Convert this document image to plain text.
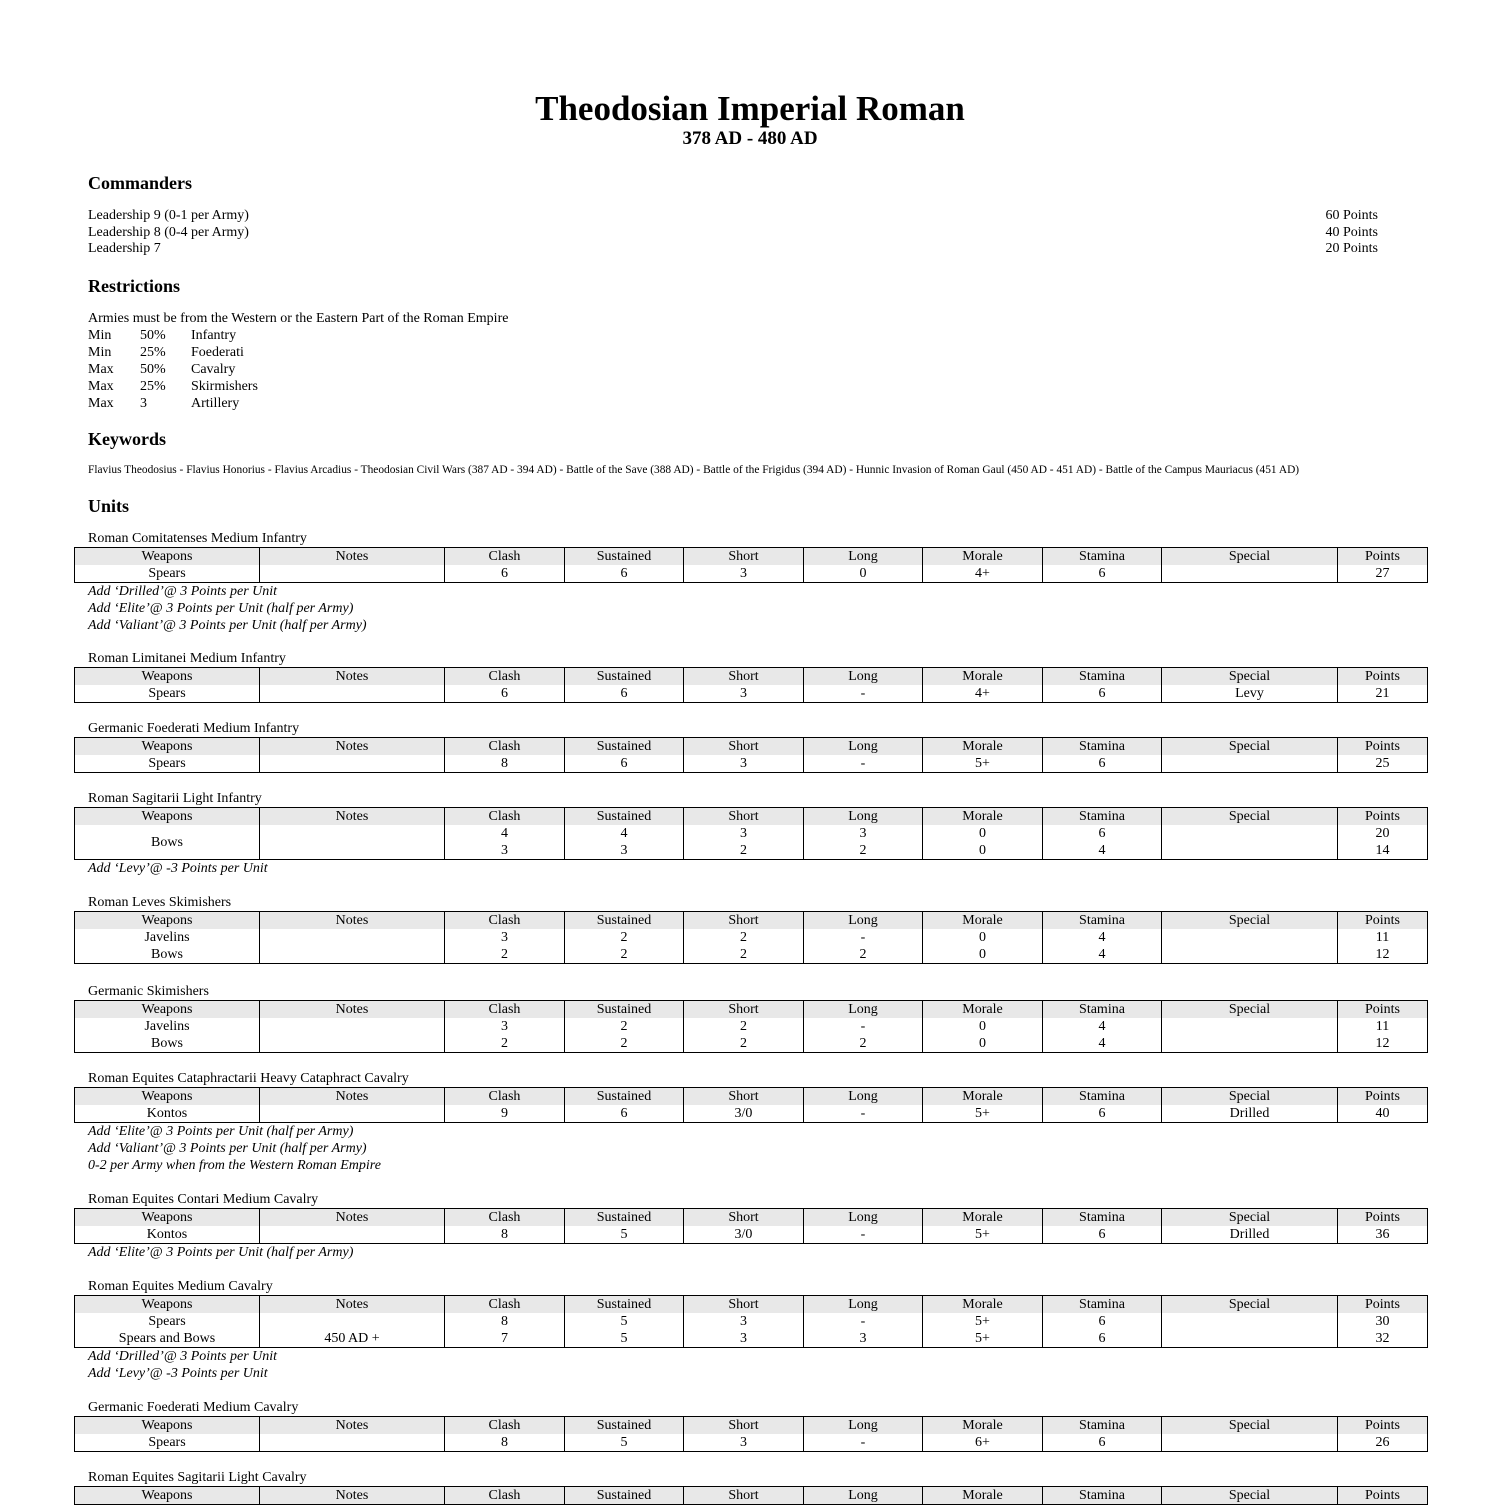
Theodosian Imperial Roman
378 AD - 480 AD
Commanders
Leadership 9 (0-1 per Army)	60 Points
Leadership 8 (0-4 per Army)	40 Points
Leadership 7	20 Points
Restrictions
Armies must be from the Western or the Eastern Part of the Roman Empire
Min 50% Infantry
Min 25% Foederati
Max 50% Cavalry
Max 25% Skirmishers
Max 3	Artillery
Keywords
Flavius Theodosius - Flavius Honorius - Flavius Arcadius - Theodosian Civil Wars (387 AD - 394 AD) - Battle of the Save (388 AD) - Battle of the Frigidus (394 AD) - Hunnic Invasion of Roman Gaul (450 AD - 451 AD) - Battle of the Campus Mauriacus (451 AD)
Units
Roman Comitatenses Medium Infantry
Weapons	Notes	Clash	Sustained	Short	Long	Morale	Stamina	Special	Points
Spears		6	6	3	0	4+	6		27
Add ‘Drilled’@ 3 Points per Unit
Add ‘Elite’@ 3 Points per Unit (half per Army)
Add ‘Valiant’@ 3 Points per Unit (half per Army)
Roman Limitanei Medium Infantry
Weapons	Notes	Clash	Sustained	Short	Long	Morale	Stamina	Special	Points
Spears		6	6	3	-	4+	6	Levy	21
Germanic Foederati Medium Infantry
Weapons	Notes	Clash	Sustained	Short	Long	Morale	Stamina	Special	Points
Spears		8	6	3	-	5+	6		25
Roman Sagitarii Light Infantry
Weapons	Notes	Clash	Sustained	Short	Long	Morale	Stamina	Special	Points
Bows		4	4	3	3	0	6		20
		3	3	2	2	0	4		14
Add ‘Levy’@ -3 Points per Unit
Roman Leves Skimishers
Weapons	Notes	Clash	Sustained	Short	Long	Morale	Stamina	Special	Points
Javelins		3	2	2	-	0	4		11
Bows		2	2	2	2	0	4		12
Germanic Skimishers
Weapons	Notes	Clash	Sustained	Short	Long	Morale	Stamina	Special	Points
Javelins		3	2	2	-	0	4		11
Bows		2	2	2	2	0	4		12
Roman Equites Cataphractarii Heavy Cataphract Cavalry
Weapons	Notes	Clash	Sustained	Short	Long	Morale	Stamina	Special	Points
Kontos		9	6	3/0	-	5+	6	Drilled	40
Add ‘Elite’@ 3 Points per Unit (half per Army)
Add ‘Valiant’@ 3 Points per Unit (half per Army)
0-2 per Army when from the Western Roman Empire
Roman Equites Contari Medium Cavalry
Weapons	Notes	Clash	Sustained	Short	Long	Morale	Stamina	Special	Points
Kontos		8	5	3/0	-	5+	6	Drilled	36
Add ‘Elite’@ 3 Points per Unit (half per Army)
Roman Equites Medium Cavalry
Weapons	Notes	Clash	Sustained	Short	Long	Morale	Stamina	Special	Points
Spears		8	5	3	-	5+	6		30
Spears and Bows	450 AD +	7	5	3	3	5+	6		32
Add ‘Drilled’@ 3 Points per Unit
Add ‘Levy’@ -3 Points per Unit
Germanic Foederati Medium Cavalry
Weapons	Notes	Clash	Sustained	Short	Long	Morale	Stamina	Special	Points
Spears		8	5	3	-	6+	6		26
Roman Equites Sagitarii Light Cavalry
Weapons	Notes	Clash	Sustained	Short	Long	Morale	Stamina	Special	Points
